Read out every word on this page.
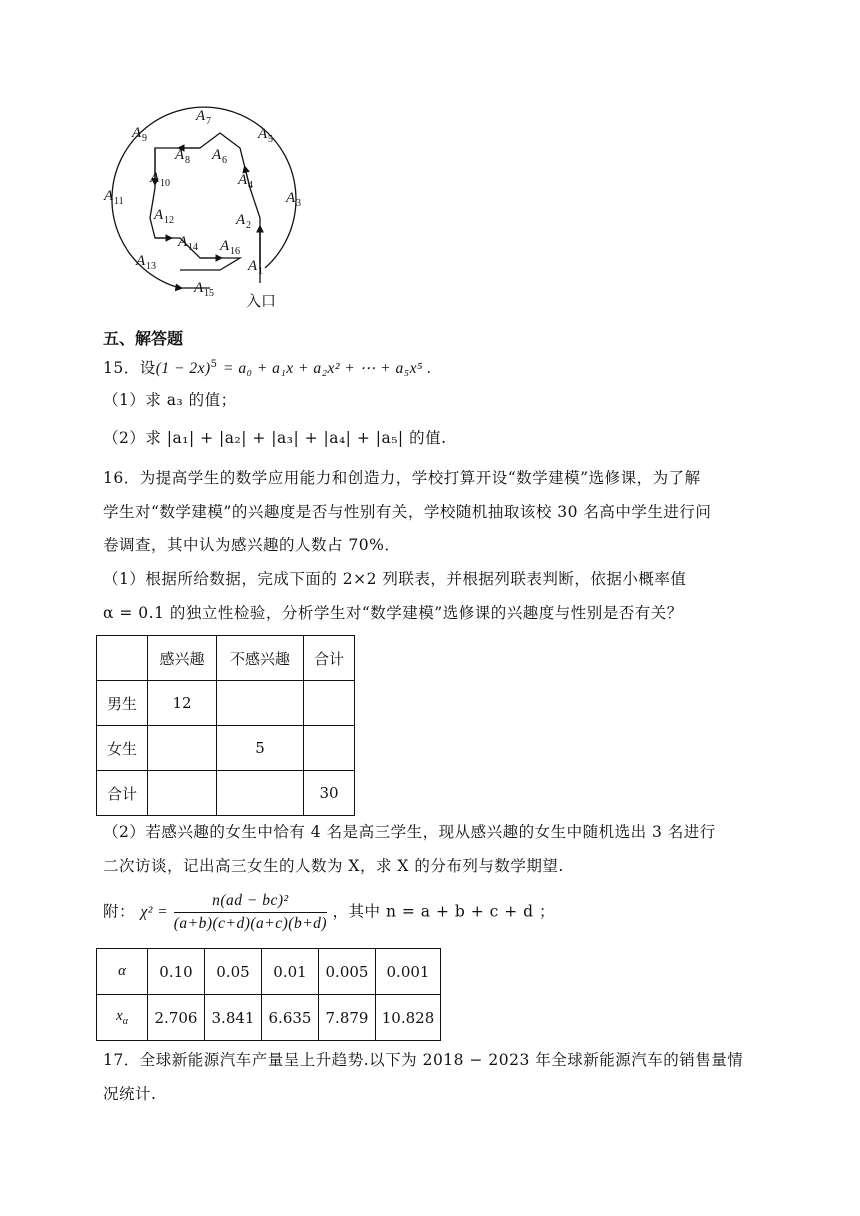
A 1
A 2
A 3
A 4
A 5
A 6
A 7
A 8
A 9
A 10
A 11
A 12
A 13
A 14
A 15
A 16
入口
五、解答题
15．设$(1 - 2x)^5 = a_0 + a_1x + a_2x^2$ + ⋯ + a₅x⁵ .
（1）求 a₃ 的值；
（2）求 |a₁| + |a₂| + |a₃| + |a₄| + |a₅| 的值.
16．为提高学生的数学应用能力和创造力，学校打算开设“数学建模”选修课，为了解
学生对“数学建模”的兴趣度是否与性别有关，学校随机抽取该校 30 名高中学生进行问
卷调查，其中认为感兴趣的人数占 70%．
（1）根据所给数据，完成下面的 2×2 列联表，并根据列联表判断，依据小概率值
α = 0.1 的独立性检验，分析学生对“数学建模”选修课的兴趣度与性别是否有关？
	感兴趣	不感兴趣	合计
男生	12		
女生		5	
合计			30
（2）若感兴趣的女生中恰有 4 名是高三学生，现从感兴趣的女生中随机选出 3 名进行
二次访谈，记出高三女生的人数为 X，求 X 的分布列与数学期望.
附： $\chi^2 = \frac{\text{n(ad − bc)²}}{(a+b)(c+d)(a+c)(b+d)}$ ，其中 n = a + b + c + d ；
α	0.10	0.05	0.01	0.005	0.001
$x_\alpha$	2.706	3.841	6.635	7.879	10.828
17．全球新能源汽车产量呈上升趋势.以下为 2018 − 2023 年全球新能源汽车的销售量情
况统计.
